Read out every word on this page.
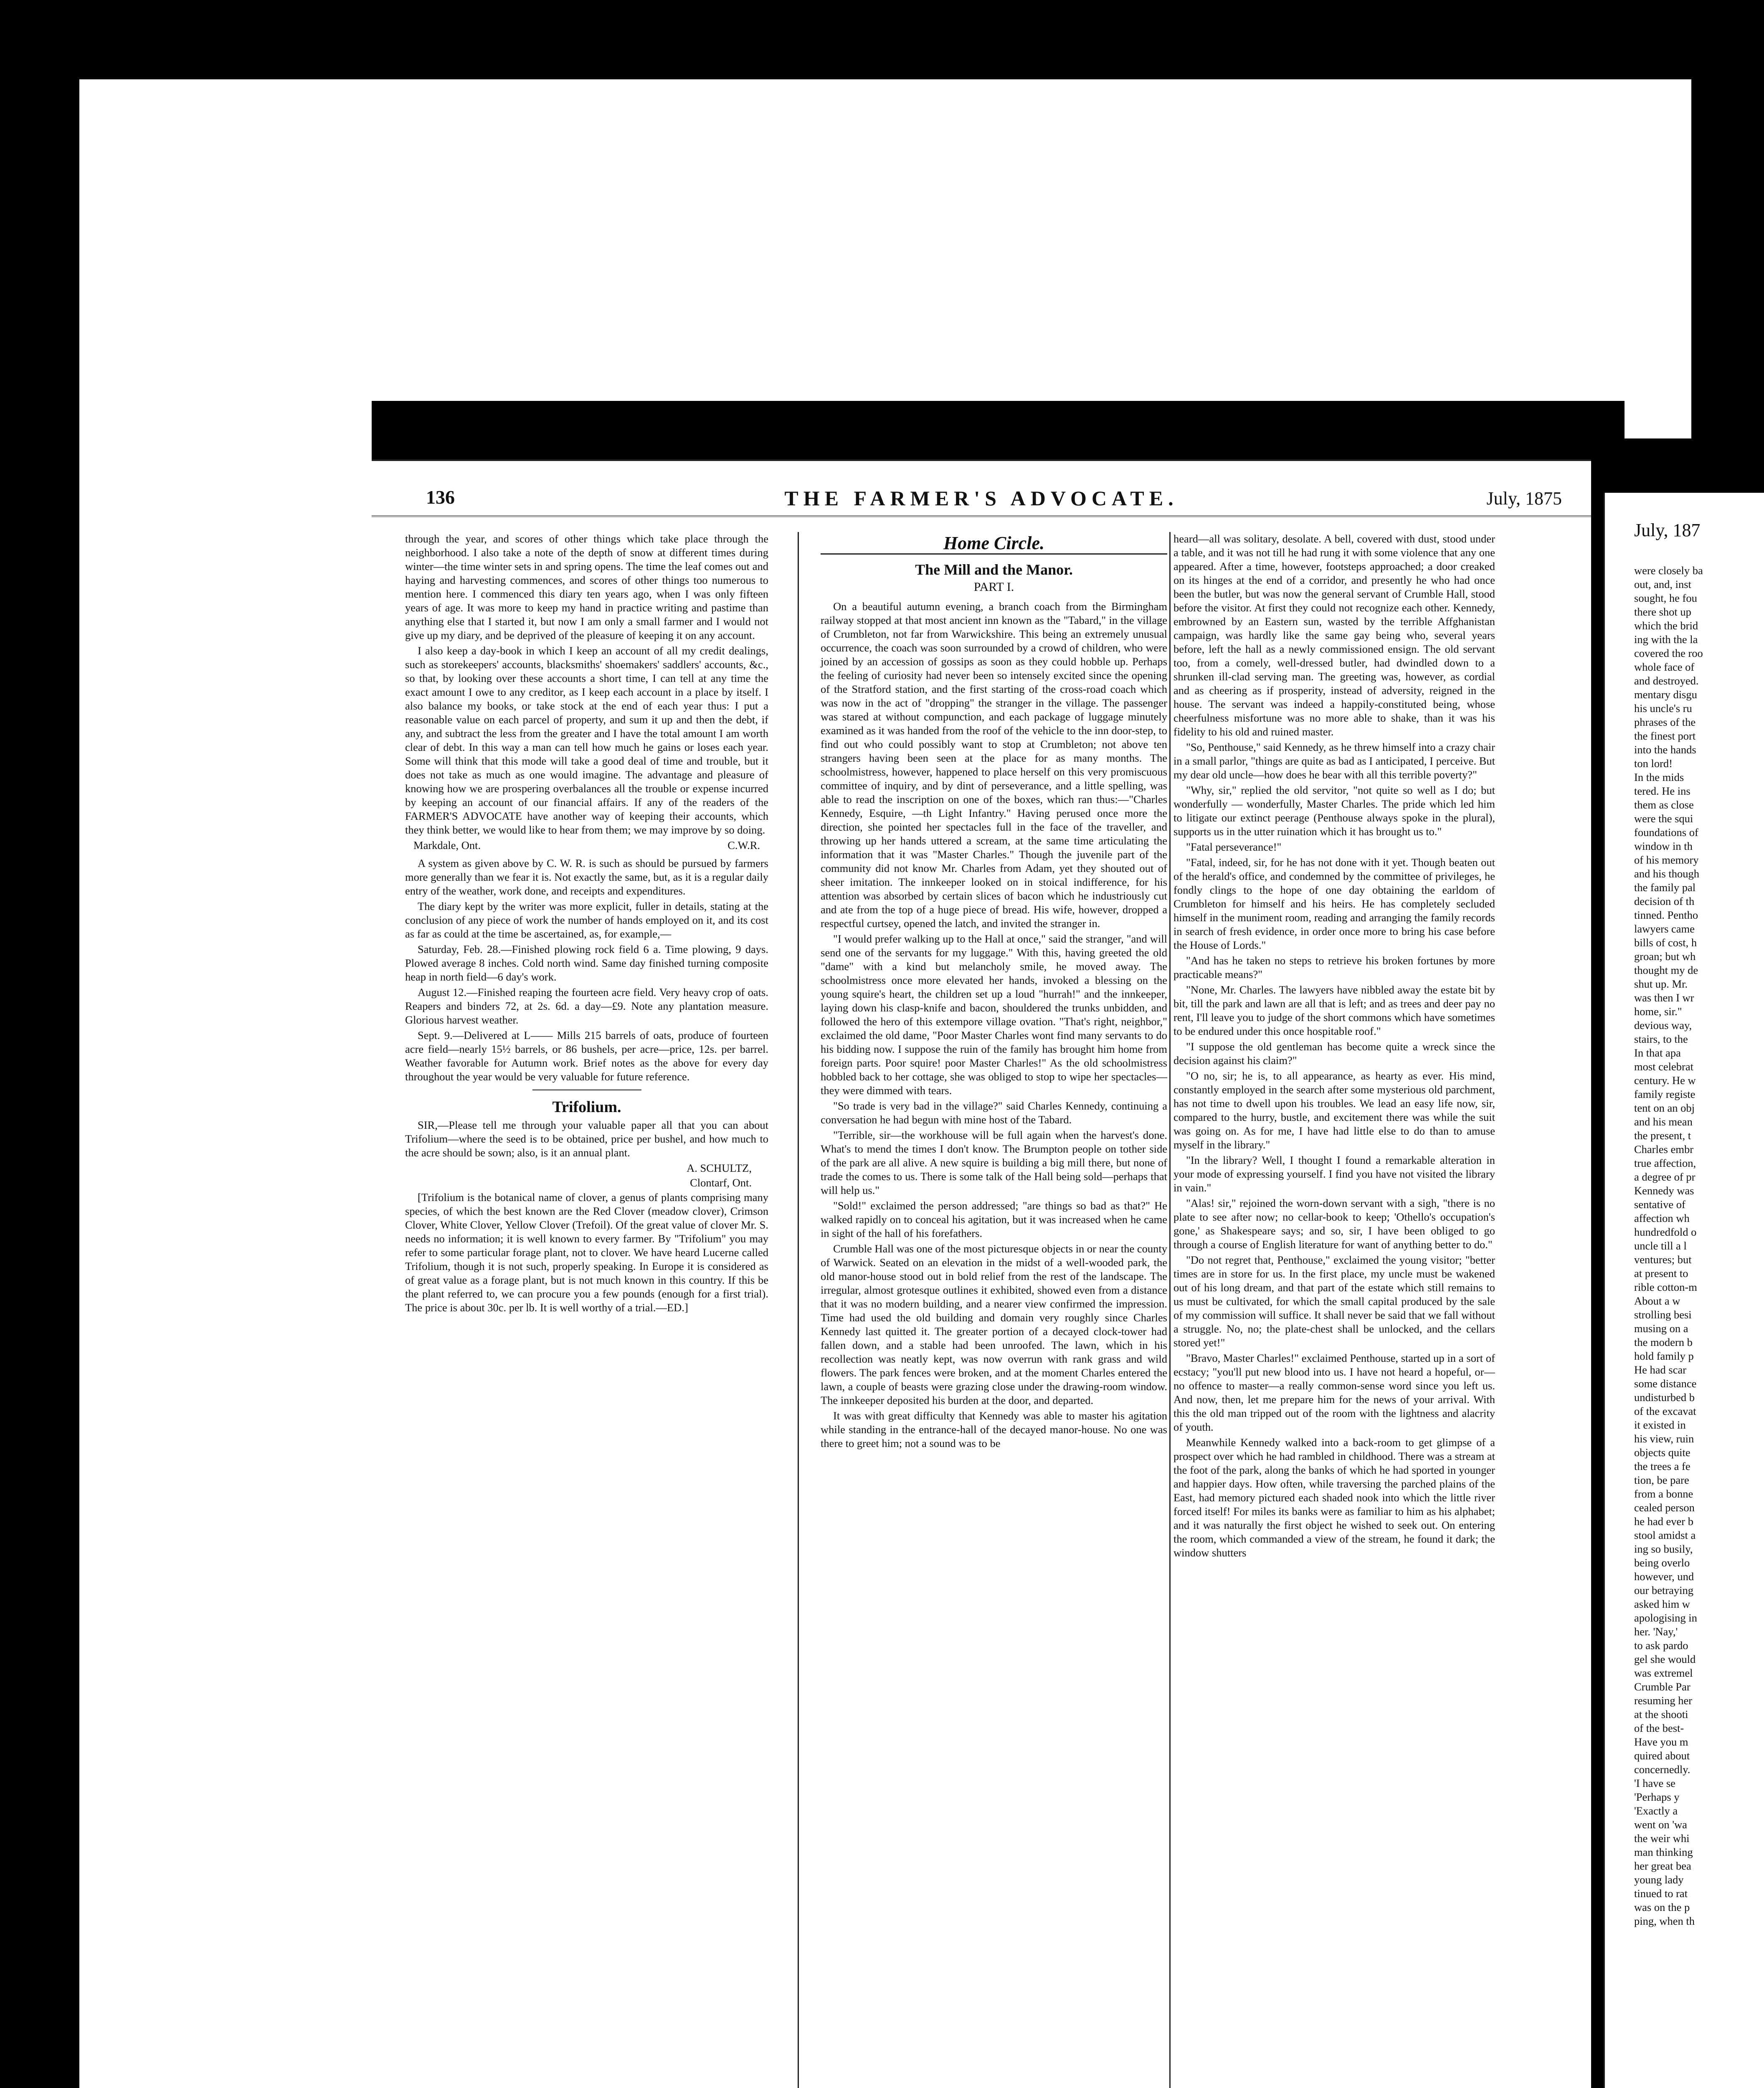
136	THE FARMER'S ADVOCATE.	July, 1875

through the year, and scores of other things which take place through the neighborhood. I also take a note of the depth of snow at different times during winter—the time winter sets in and spring opens. The time the leaf comes out and haying and harvesting commences, and scores of other things too numerous to mention here. I commenced this diary ten years ago, when I was only fifteen years of age. It was more to keep my hand in practice writing and pastime than anything else that I started it, but now I am only a small farmer and I would not give up my diary, and be deprived of the pleasure of keeping it on any account.

I also keep a day-book in which I keep an account of all my credit dealings, such as storekeepers' accounts, blacksmiths' shoemakers' saddlers' accounts, &c., so that, by looking over these accounts a short time, I can tell at any time the exact amount I owe to any creditor, as I keep each account in a place by itself. I also balance my books, or take stock at the end of each year thus: I put a reasonable value on each parcel of property, and sum it up and then the debt, if any, and subtract the less from the greater and I have the total amount I am worth clear of debt. In this way a man can tell how much he gains or loses each year. Some will think that this mode will take a good deal of time and trouble, but it does not take as much as one would imagine. The advantage and pleasure of knowing how we are prospering overbalances all the trouble or expense incurred by keeping an account of our financial affairs. If any of the readers of the FARMER'S ADVOCATE have another way of keeping their accounts, which they think better, we would like to hear from them; we may improve by so doing.

Markdale, Ont.	C.W.R.

A system as given above by C. W. R. is such as should be pursued by farmers more generally than we fear it is. Not exactly the same, but, as it is a regular daily entry of the weather, work done, and receipts and expenditures.

The diary kept by the writer was more explicit, fuller in details, stating at the conclusion of any piece of work the number of hands employed on it, and its cost as far as could at the time be ascertained, as, for example,—

Saturday, Feb. 28.—Finished plowing rock field 6 a. Time plowing, 9 days. Plowed average 8 inches. Cold north wind. Same day finished turning composite heap in north field—6 day's work.

August 12.—Finished reaping the fourteen acre field. Very heavy crop of oats. Reapers and binders 72, at 2s. 6d. a day—£9. Note any plantation measure. Glorious harvest weather.

Sept. 9.—Delivered at L—— Mills 215 barrels of oats, produce of fourteen acre field—nearly 15½ barrels, or 86 bushels, per acre—price, 12s. per barrel. Weather favorable for Autumn work. Brief notes as the above for every day throughout the year would be very valuable for future reference.

Trifolium.

SIR,—Please tell me through your valuable paper all that you can about Trifolium—where the seed is to be obtained, price per bushel, and how much to the acre should be sown; also, is it an annual plant.

A. SCHULTZ,
Clontarf, Ont.

[Trifolium is the botanical name of clover, a genus of plants comprising many species, of which the best known are the Red Clover (meadow clover), Crimson Clover, White Clover, Yellow Clover (Trefoil). Of the great value of clover Mr. S. needs no information; it is well known to every farmer. By "Trifolium" you may refer to some particular forage plant, not to clover. We have heard Lucerne called Trifolium, though it is not such, properly speaking. In Europe it is considered as of great value as a forage plant, but is not much known in this country. If this be the plant referred to, we can procure you a few pounds (enough for a first trial). The price is about 30c. per lb. It is well worthy of a trial.—ED.]

Home Circle.
The Mill and the Manor.
PART I.

On a beautiful autumn evening, a branch coach from the Birmingham railway stopped at that most ancient inn known as the "Tabard," in the village of Crumbleton, not far from Warwickshire. This being an extremely unusual occurrence, the coach was soon surrounded by a crowd of children, who were joined by an accession of gossips as soon as they could hobble up. Perhaps the feeling of curiosity had never been so intensely excited since the opening of the Stratford station, and the first starting of the cross-road coach which was now in the act of "dropping" the stranger in the village. The passenger was stared at without compunction, and each package of luggage minutely examined as it was handed from the roof of the vehicle to the inn door-step, to find out who could possibly want to stop at Crumbleton; not above ten strangers having been seen at the place for as many months. The schoolmistress, however, happened to place herself on this very promiscuous committee of inquiry, and by dint of perseverance, and a little spelling, was able to read the inscription on one of the boxes, which ran thus:—"Charles Kennedy, Esquire, —th Light Infantry." Having perused once more the direction, she pointed her spectacles full in the face of the traveller, and throwing up her hands uttered a scream, at the same time articulating the information that it was "Master Charles." Though the juvenile part of the community did not know Mr. Charles from Adam, yet they shouted out of sheer imitation. The innkeeper looked on in stoical indifference, for his attention was absorbed by certain slices of bacon which he industriously cut and ate from the top of a huge piece of bread. His wife, however, dropped a respectful curtsey, opened the latch, and invited the stranger in.

"I would prefer walking up to the Hall at once," said the stranger, "and will send one of the servants for my luggage." With this, having greeted the old "dame" with a kind but melancholy smile, he moved away. The schoolmistress once more elevated her hands, invoked a blessing on the young squire's heart, the children set up a loud "hurrah!" and the innkeeper, laying down his clasp-knife and bacon, shouldered the trunks unbidden, and followed the hero of this extempore village ovation. "That's right, neighbor," exclaimed the old dame, "Poor Master Charles wont find many servants to do his bidding now. I suppose the ruin of the family has brought him home from foreign parts. Poor squire! poor Master Charles!" As the old schoolmistress hobbled back to her cottage, she was obliged to stop to wipe her spectacles—they were dimmed with tears.

"So trade is very bad in the village?" said Charles Kennedy, continuing a conversation he had begun with mine host of the Tabard.

"Terrible, sir—the workhouse will be full again when the harvest's done. What's to mend the times I don't know. The Brumpton people on tother side of the park are all alive. A new squire is building a big mill there, but none of trade the comes to us. There is some talk of the Hall being sold—perhaps that will help us."

"Sold!" exclaimed the person addressed; "are things so bad as that?" He walked rapidly on to conceal his agitation, but it was increased when he came in sight of the hall of his forefathers.

Crumble Hall was one of the most picturesque objects in or near the county of Warwick. Seated on an elevation in the midst of a well-wooded park, the old manor-house stood out in bold relief from the rest of the landscape. The irregular, almost grotesque outlines it exhibited, showed even from a distance that it was no modern building, and a nearer view confirmed the impression. Time had used the old building and domain very roughly since Charles Kennedy last quitted it. The greater portion of a decayed clock-tower had fallen down, and a stable had been unroofed. The lawn, which in his recollection was neatly kept, was now overrun with rank grass and wild flowers. The park fences were broken, and at the moment Charles entered the lawn, a couple of beasts were grazing close under the drawing-room window. The innkeeper deposited his burden at the door, and departed.

It was with great difficulty that Kennedy was able to master his agitation while standing in the entrance-hall of the decayed manor-house. No one was there to greet him; not a sound was to be

heard—all was solitary, desolate. A bell, covered with dust, stood under a table, and it was not till he had rung it with some violence that any one appeared. After a time, however, footsteps approached; a door creaked on its hinges at the end of a corridor, and presently he who had once been the butler, but was now the general servant of Crumble Hall, stood before the visitor. At first they could not recognize each other. Kennedy, embrowned by an Eastern sun, wasted by the terrible Affghanistan campaign, was hardly like the same gay being who, several years before, left the hall as a newly commissioned ensign. The old servant too, from a comely, well-dressed butler, had dwindled down to a shrunken ill-clad serving man. The greeting was, however, as cordial and as cheering as if prosperity, instead of adversity, reigned in the house. The servant was indeed a happily-constituted being, whose cheerfulness misfortune was no more able to shake, than it was his fidelity to his old and ruined master.

"So, Penthouse," said Kennedy, as he threw himself into a crazy chair in a small parlor, "things are quite as bad as I anticipated, I perceive. But my dear old uncle—how does he bear with all this terrible poverty?"

"Why, sir," replied the old servitor, "not quite so well as I do; but wonderfully — wonderfully, Master Charles. The pride which led him to litigate our extinct peerage (Penthouse always spoke in the plural), supports us in the utter ruination which it has brought us to."

"Fatal perseverance!"

"Fatal, indeed, sir, for he has not done with it yet. Though beaten out of the herald's office, and condemned by the committee of privileges, he fondly clings to the hope of one day obtaining the earldom of Crumbleton for himself and his heirs. He has completely secluded himself in the muniment room, reading and arranging the family records in search of fresh evidence, in order once more to bring his case before the House of Lords."

"And has he taken no steps to retrieve his broken fortunes by more practicable means?"

"None, Mr. Charles. The lawyers have nibbled away the estate bit by bit, till the park and lawn are all that is left; and as trees and deer pay no rent, I'll leave you to judge of the short commons which have sometimes to be endured under this once hospitable roof."

"I suppose the old gentleman has become quite a wreck since the decision against his claim?"

"O no, sir; he is, to all appearance, as hearty as ever. His mind, constantly employed in the search after some mysterious old parchment, has not time to dwell upon his troubles. We lead an easy life now, sir, compared to the hurry, bustle, and excitement there was while the suit was going on. As for me, I have had little else to do than to amuse myself in the library."

"In the library? Well, I thought I found a remarkable alteration in your mode of expressing yourself. I find you have not visited the library in vain."

"Alas! sir," rejoined the worn-down servant with a sigh, "there is no plate to see after now; no cellar-book to keep; 'Othello's occupation's gone,' as Shakespeare says; and so, sir, I have been obliged to go through a course of English literature for want of anything better to do."

"Do not regret that, Penthouse," exclaimed the young visitor; "better times are in store for us. In the first place, my uncle must be wakened out of his long dream, and that part of the estate which still remains to us must be cultivated, for which the small capital produced by the sale of my commission will suffice. It shall never be said that we fall without a struggle. No, no; the plate-chest shall be unlocked, and the cellars stored yet!"

"Bravo, Master Charles!" exclaimed Penthouse, started up in a sort of ecstacy; "you'll put new blood into us. I have not heard a hopeful, or—no offence to master—a really common-sense word since you left us. And now, then, let me prepare him for the news of your arrival. With this the old man tripped out of the room with the lightness and alacrity of youth.

Meanwhile Kennedy walked into a back-room to get glimpse of a prospect over which he had rambled in childhood. There was a stream at the foot of the park, along the banks of which he had sported in younger and happier days. How often, while traversing the parched plains of the East, had memory pictured each shaded nook into which the little river forced itself! For miles its banks were as familiar to him as his alphabet; and it was naturally the first object he wished to seek out. On entering the room, which commanded a view of the stream, he found it dark; the window shutters

July, 187

were closely ba

out, and, inst

sought, he fou

there shot up

which the brid

ing with the la

covered the roo

whole face of

and destroyed.

mentary disgu

his uncle's ru

phrases of the

the finest port

into the hands

ton lord!

In the mids

tered. He ins

them as close

were the squi

foundations of

window in th

of his memory

and his though

the family pal

decision of th

tinned. Pentho

lawyers came

bills of cost, h

groan; but wh

thought my de

shut up. Mr.

was then I wr

home, sir."

devious way,

stairs, to the

In that apa

most celebrat

century. He w

family registe

tent on an obj

and his mean

the present, t

Charles embr

true affection,

a degree of pr

Kennedy was

sentative of

affection wh

hundredfold o

uncle till a l

ventures; but

at present to

rible cotton-m

About a w

strolling besi

musing on a

the modern b

hold family p

He had scar

some distance

undisturbed b

of the excavat

it existed in

his view, ruin

objects quite

the trees a fe

tion, be pare

from a bonne

cealed person

he had ever b

stool amidst a

ing so busily,

being overlo

however, und

our betraying

asked him w

apologising in

her. 'Nay,'

to ask pardo

gel she would

was extremel

Crumble Par

resuming her

at the shooti

of the best-

Have you m

quired about

concernedly.

'I have se

'Perhaps y

'Exactly a

went on 'wa

the weir whi

man thinking

her great bea

young lady

tinued to rat

was on the p

ping, when th
